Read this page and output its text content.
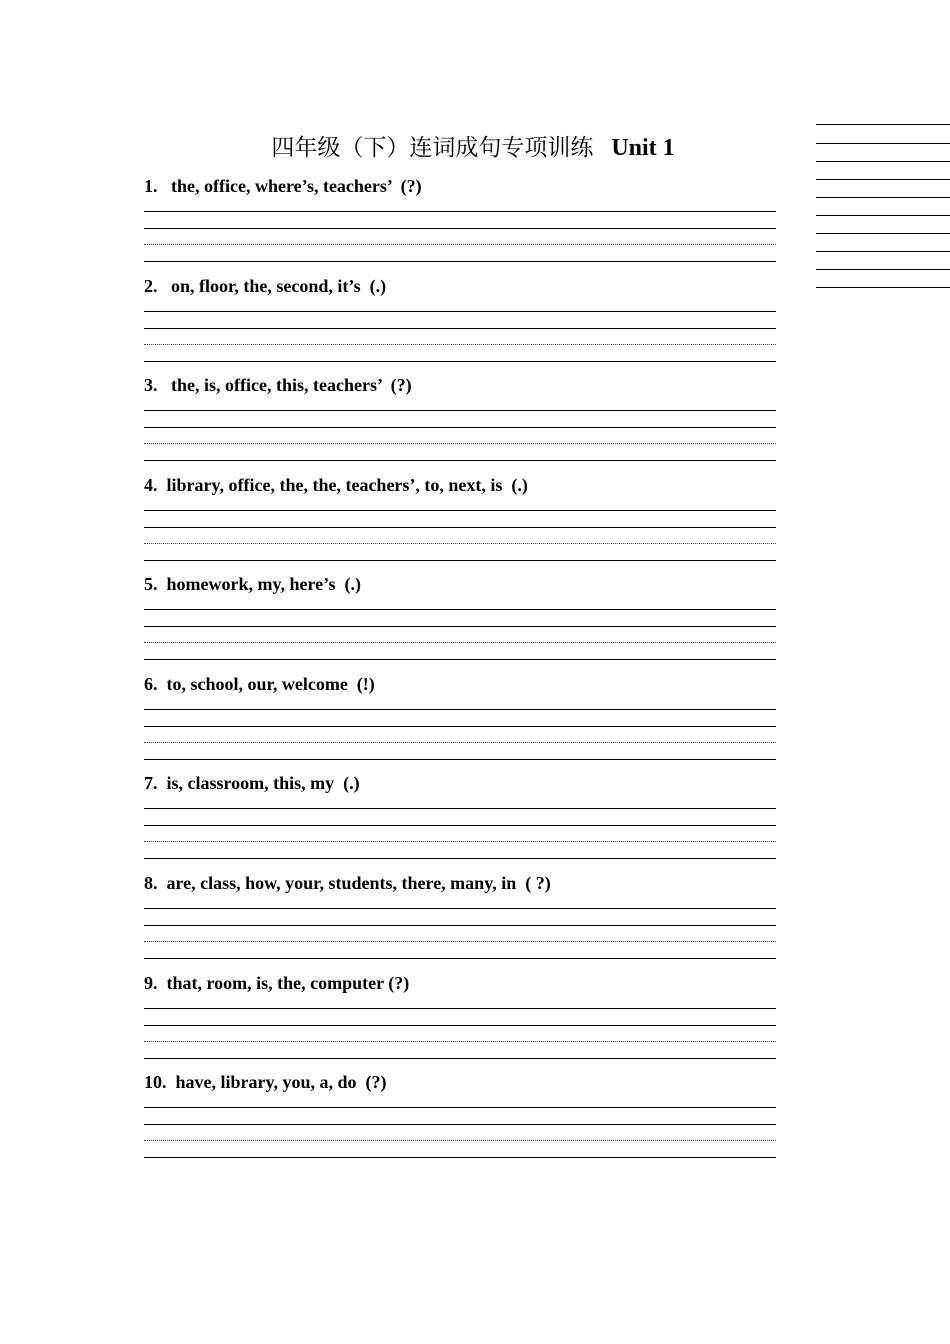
四年级（下）连词成句专项训练 Unit 1
1.   the, office, where’s, teachers’  (?)
2.   on, floor, the, second, it’s  (.)
3.   the, is, office, this, teachers’  (?)
4.  library, office, the, the, teachers’, to, next, is  (.)
5.  homework, my, here’s  (.)
6.  to, school, our, welcome  (!)
7.  is, classroom, this, my  (.)
8.  are, class, how, your, students, there, many, in  ( ?)
9.  that, room, is, the, computer (?)
10.  have, library, you, a, do  (?)
